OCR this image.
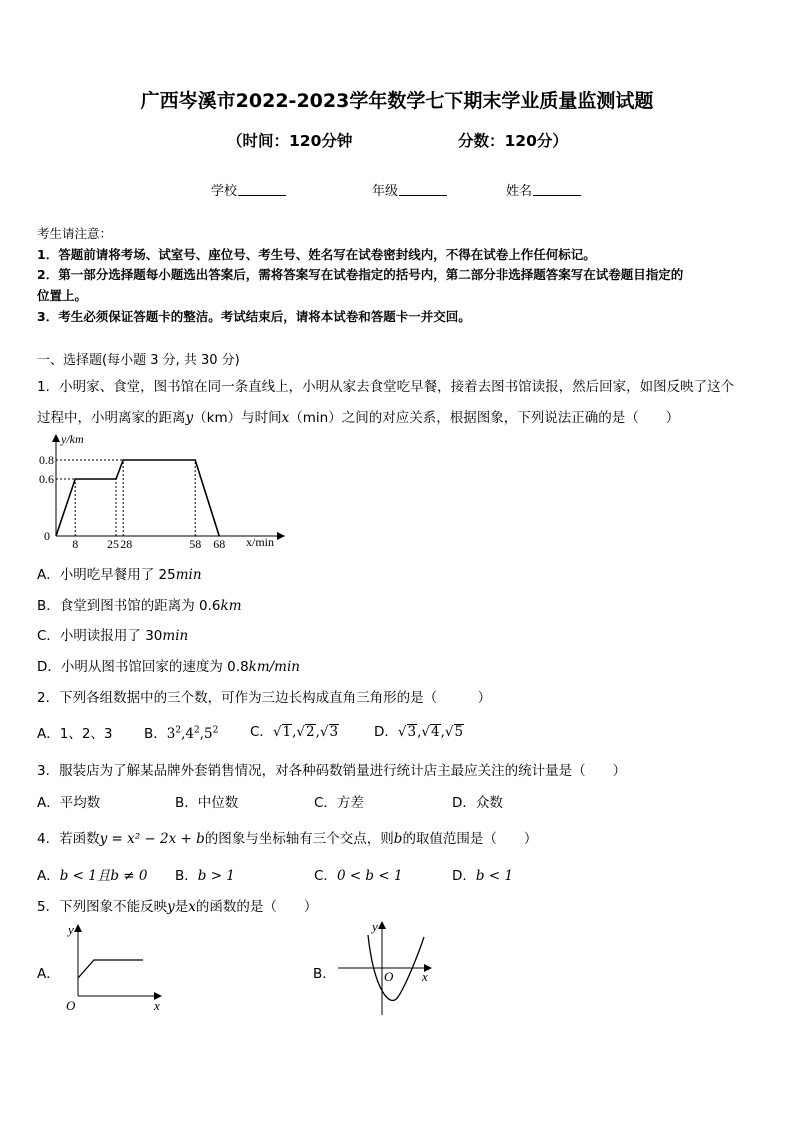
广西岑溪市2022-2023学年数学七下期末学业质量监测试题
（时间：120分钟	分数：120分）
学校	年级	姓名
考生请注意：
1．答题前请将考场、试室号、座位号、考生号、姓名写在试卷密封线内，不得在试卷上作任何标记。
2．第一部分选择题每小题选出答案后，需将答案写在试卷指定的括号内，第二部分非选择题答案写在试卷题目指定的
位置上。
3．考生必须保证答题卡的整洁。考试结束后，请将本试卷和答题卡一并交回。
一、选择题(每小题 3 分, 共 30 分)
1．小明家、食堂，图书馆在同一条直线上，小明从家去食堂吃早餐，接着去图书馆读报，然后回家，如图反映了这个
过程中，小明离家的距离y（km）与时间x（min）之间的对应关系，根据图象，下列说法正确的是（　　）
8 25 28	58 68
0.6
0.8
0
y/km
x/min
A．小明吃早餐用了 25min
B．食堂到图书馆的距离为 0.6km
C．小明读报用了 30min
D．小明从图书馆回家的速度为 0.8km/min
2．下列各组数据中的三个数，可作为三边长构成直角三角形的是（　　　）
A．1、2、3 B．$3^2,4^2,5^2$ C．√1,√2,√3	D．√3,√4,√5
3．服装店为了解某品牌外套销售情况，对各种码数销量进行统计店主最应关注的统计量是（　　）
A．平均数	B．中位数	C．方差	D．众数
4．若函数y = x² − 2x + b的图象与坐标轴有三个交点，则b的取值范围是（　　）
A．b < 1且b ≠ 0 B．b > 1	C．0 < b < 1	D．b < 1
5．下列图象不能反映y是x的函数的是（　　）
A．
y
x
O
B．
y
x
O
